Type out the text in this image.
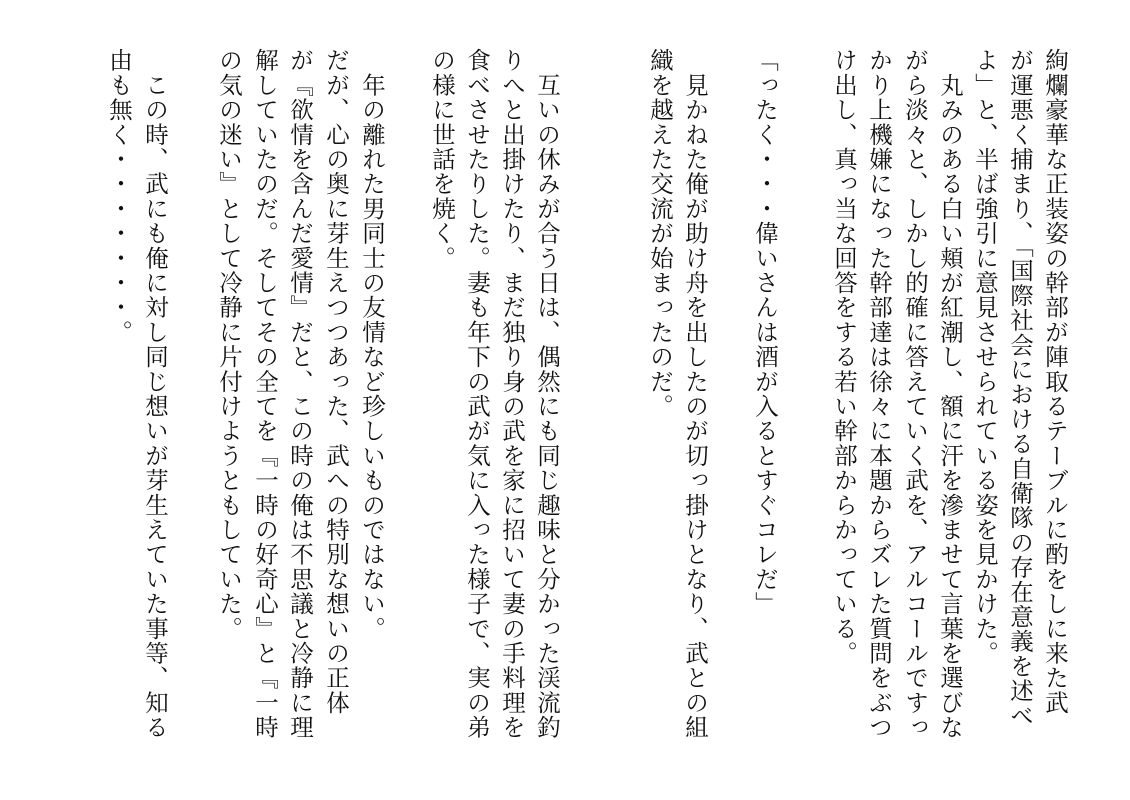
絢爛豪華な正装姿の幹部が陣取るテーブルに酌をしに来た武
が運悪く捕まり、「国際社会における自衛隊の存在意義を述べ
よ」と、半ば強引に意見させられている姿を見かけた。
　丸みのある白い頬が紅潮し、額に汗を滲ませて言葉を選びな
がら淡々と、しかし的確に答えていく武を、アルコールですっ
かり上機嫌になった幹部達は徐々に本題からズレた質問をぶつ
け出し、真っ当な回答をする若い幹部からかっている。
「ったく・・・偉いさんは酒が入るとすぐコレだ」
　見かねた俺が助け舟を出したのが切っ掛けとなり、武との組
織を越えた交流が始まったのだ。
　互いの休みが合う日は、偶然にも同じ趣味と分かった渓流釣
りへと出掛けたり、まだ独り身の武を家に招いて妻の手料理を
食べさせたりした。妻も年下の武が気に入った様子で、実の弟
の様に世話を焼く。
　年の離れた男同士の友情など珍しいものではない。
だが、心の奥に芽生えつつあった、武への特別な想いの正体
が『欲情を含んだ愛情』だと、この時の俺は不思議と冷静に理
解していたのだ。そしてその全てを『一時の好奇心』と『一時
の気の迷い』として冷静に片付けようともしていた。
　この時、武にも俺に対し同じ想いが芽生えていた事等、知る
由も無く・・・・・・・。
